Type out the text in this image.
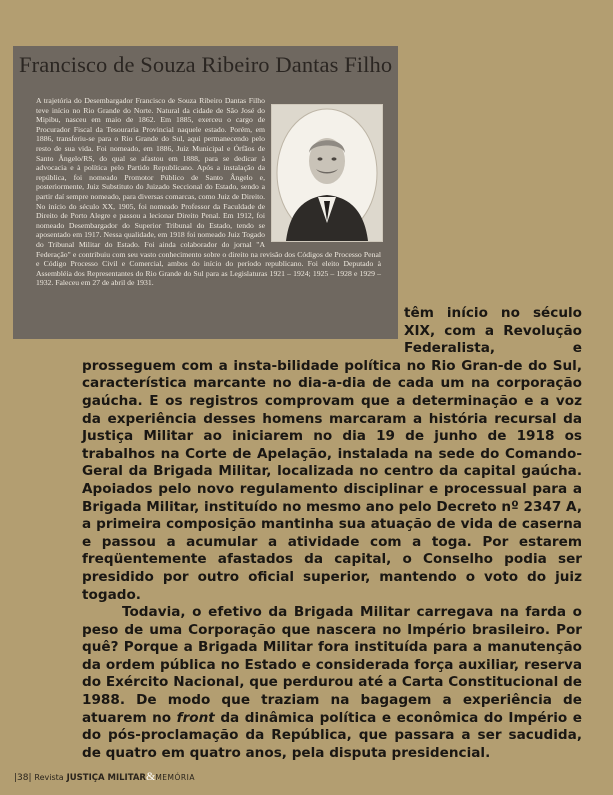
Francisco de Souza Ribeiro Dantas Filho
A trajetória do Desembargador Francisco de Souza Ribeiro Dantas Filho teve início no Rio Grande do Norte. Natural da cidade de São José do Mipibu, nasceu em maio de 1862. Em 1885, exerceu o cargo de Procurador Fiscal da Tesouraria Provincial naquele estado. Porém, em 1886, transferiu-se para o Rio Grande do Sul, aqui permanecendo pelo resto de sua vida. Foi nomeado, em 1886, Juiz Municipal e Órfãos de Santo Ângelo/RS, do qual se afastou em 1888, para se dedicar à advocacia e à política pelo Partido Republicano. Após a instalação da república, foi nomeado Promotor Público de Santo Ângelo e, posteriormente, Juiz Substituto do Juizado Seccional do Estado, sendo a partir daí sempre nomeado, para diversas comarcas, como Juiz de Direito. No início do século XX, 1905, foi nomeado Professor da Faculdade de Direito de Porto Alegre e passou a lecionar Direito Penal. Em 1912, foi nomeado Desembargador do Superior Tribunal do Estado, tendo se aposentado em 1917. Nessa qualidade, em 1918 foi nomeado Juiz Togado do Tribunal Militar do Estado. Foi ainda colaborador do jornal "A Federação" e contribuiu com seu vasto conhecimento sobre o direito na revisão dos Códigos de Processo Penal e Código Processo Civil e Comercial, ambos do início do período republicano. Foi eleito Deputado à Assembléia dos Representantes do Rio Grande do Sul para as Legislaturas 1921 – 1924; 1925 – 1928 e 1929 – 1932. Faleceu em 27 de abril de 1931.

têm início no século XIX, com a Revolução Federalista, e prosseguem com a insta-bilidade política no Rio Gran-de do Sul, característica marcante no dia-a-dia de cada um na corporação gaúcha. E os registros comprovam que a determinação e a voz da experiência desses homens marcaram a história recursal da Justiça Militar ao iniciarem no dia 19 de junho de 1918 os trabalhos na Corte de Apelação, instalada na sede do Comando-Geral da Brigada Militar, localizada no centro da capital gaúcha. Apoiados pelo novo regulamento disciplinar e processual para a Brigada Militar, instituído no mesmo ano pelo Decreto nº 2347 A, a primeira composição mantinha sua atuação de vida de caserna e passou a acumular a atividade com a toga. Por estarem freqüentemente afastados da capital, o Conselho podia ser presidido por outro oficial superior, mantendo o voto do juiz togado.

Todavia, o efetivo da Brigada Militar carregava na farda o peso de uma Corporação que nascera no Império brasileiro. Por quê? Porque a Brigada Militar fora instituída para a manutenção da ordem pública no Estado e considerada força auxiliar, reserva do Exército Nacional, que perdurou até a Carta Constitucional de 1988. De modo que traziam na bagagem a experiência de atuarem no front da dinâmica política e econômica do Império e do pós-proclamação da República, que passara a ser sacudida, de quatro em quatro anos, pela disputa presidencial.

|38| Revista JUSTIÇA MILITAR&MEMÓRIA
